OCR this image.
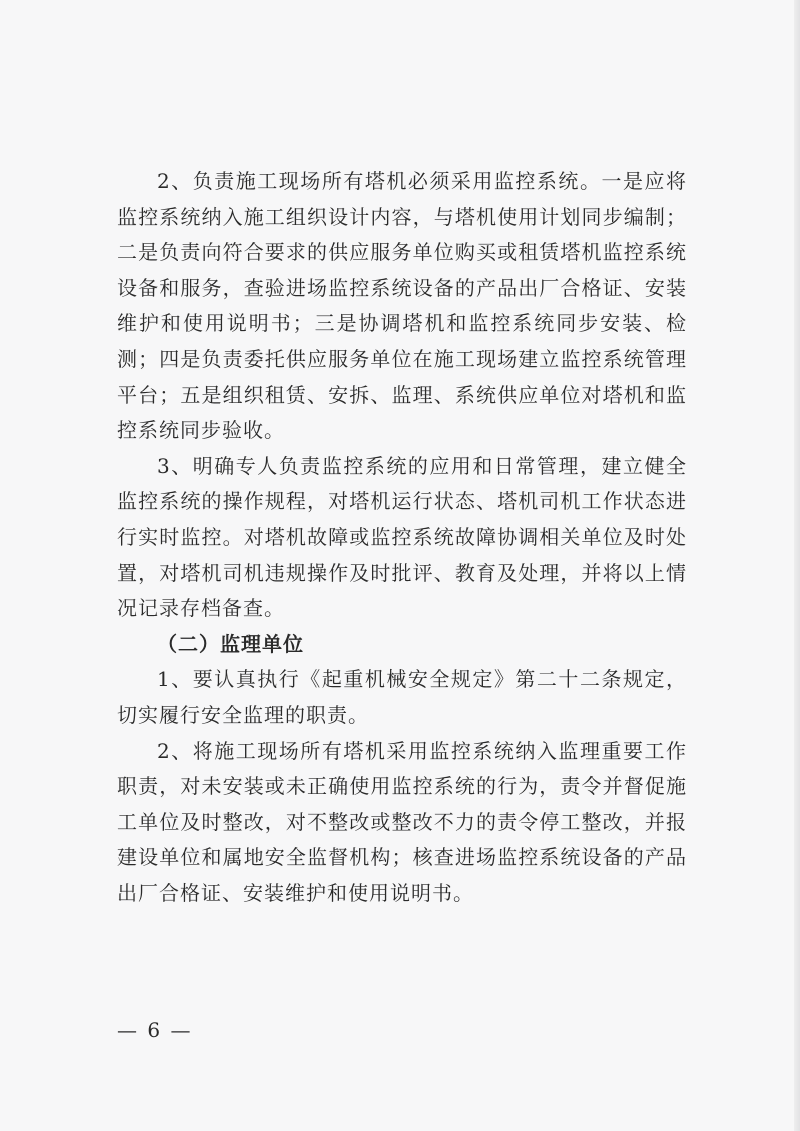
2、负责施工现场所有塔机必须采用监控系统。一是应将监控系统纳入施工组织设计内容，与塔机使用计划同步编制；二是负责向符合要求的供应服务单位购买或租赁塔机监控系统设备和服务，查验进场监控系统设备的产品出厂合格证、安装维护和使用说明书；三是协调塔机和监控系统同步安装、检测；四是负责委托供应服务单位在施工现场建立监控系统管理平台；五是组织租赁、安拆、监理、系统供应单位对塔机和监控系统同步验收。

3、明确专人负责监控系统的应用和日常管理，建立健全监控系统的操作规程，对塔机运行状态、塔机司机工作状态进行实时监控。对塔机故障或监控系统故障协调相关单位及时处置，对塔机司机违规操作及时批评、教育及处理，并将以上情况记录存档备查。

（二）监理单位

1、要认真执行《起重机械安全规定》第二十二条规定，切实履行安全监理的职责。

2、将施工现场所有塔机采用监控系统纳入监理重要工作职责，对未安装或未正确使用监控系统的行为，责令并督促施工单位及时整改，对不整改或整改不力的责令停工整改，并报建设单位和属地安全监督机构；核查进场监控系统设备的产品出厂合格证、安装维护和使用说明书。

— 6 —
